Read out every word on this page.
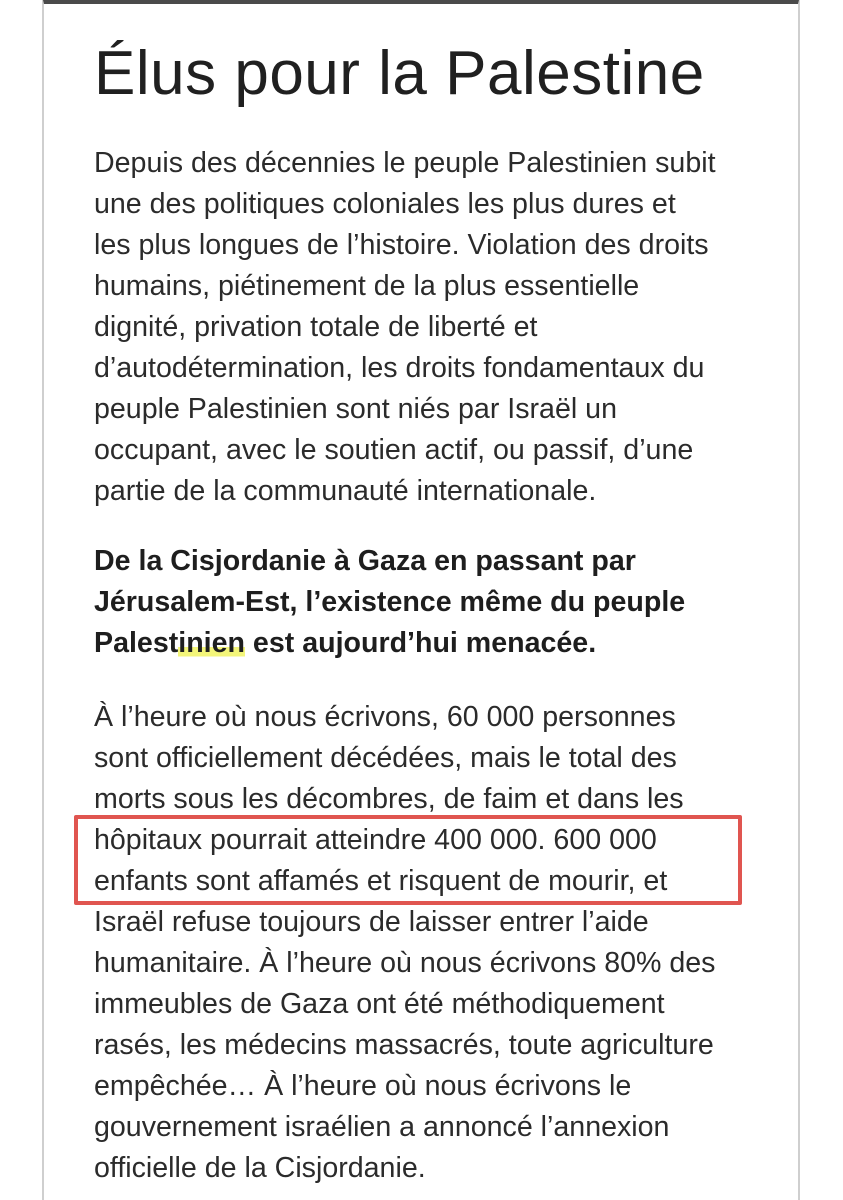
Élus pour la Palestine

Depuis des décennies le peuple Palestinien subit
une des politiques coloniales les plus dures et
les plus longues de l’histoire. Violation des droits
humains, piétinement de la plus essentielle
dignité, privation totale de liberté et
d’autodétermination, les droits fondamentaux du
peuple Palestinien sont niés par Israël un
occupant, avec le soutien actif, ou passif, d’une
partie de la communauté internationale.

De la Cisjordanie à Gaza en passant par
Jérusalem-Est, l’existence même du peuple
Palestinien est aujourd’hui menacée.

À l’heure où nous écrivons, 60 000 personnes
sont officiellement décédées, mais le total des
morts sous les décombres, de faim et dans les
hôpitaux pourrait atteindre 400 000. 600 000
enfants sont affamés et risquent de mourir, et
Israël refuse toujours de laisser entrer l’aide
humanitaire. À l’heure où nous écrivons 80% des
immeubles de Gaza ont été méthodiquement
rasés, les médecins massacrés, toute agriculture
empêchée… À l’heure où nous écrivons le
gouvernement israélien a annoncé l’annexion
officielle de la Cisjordanie.
